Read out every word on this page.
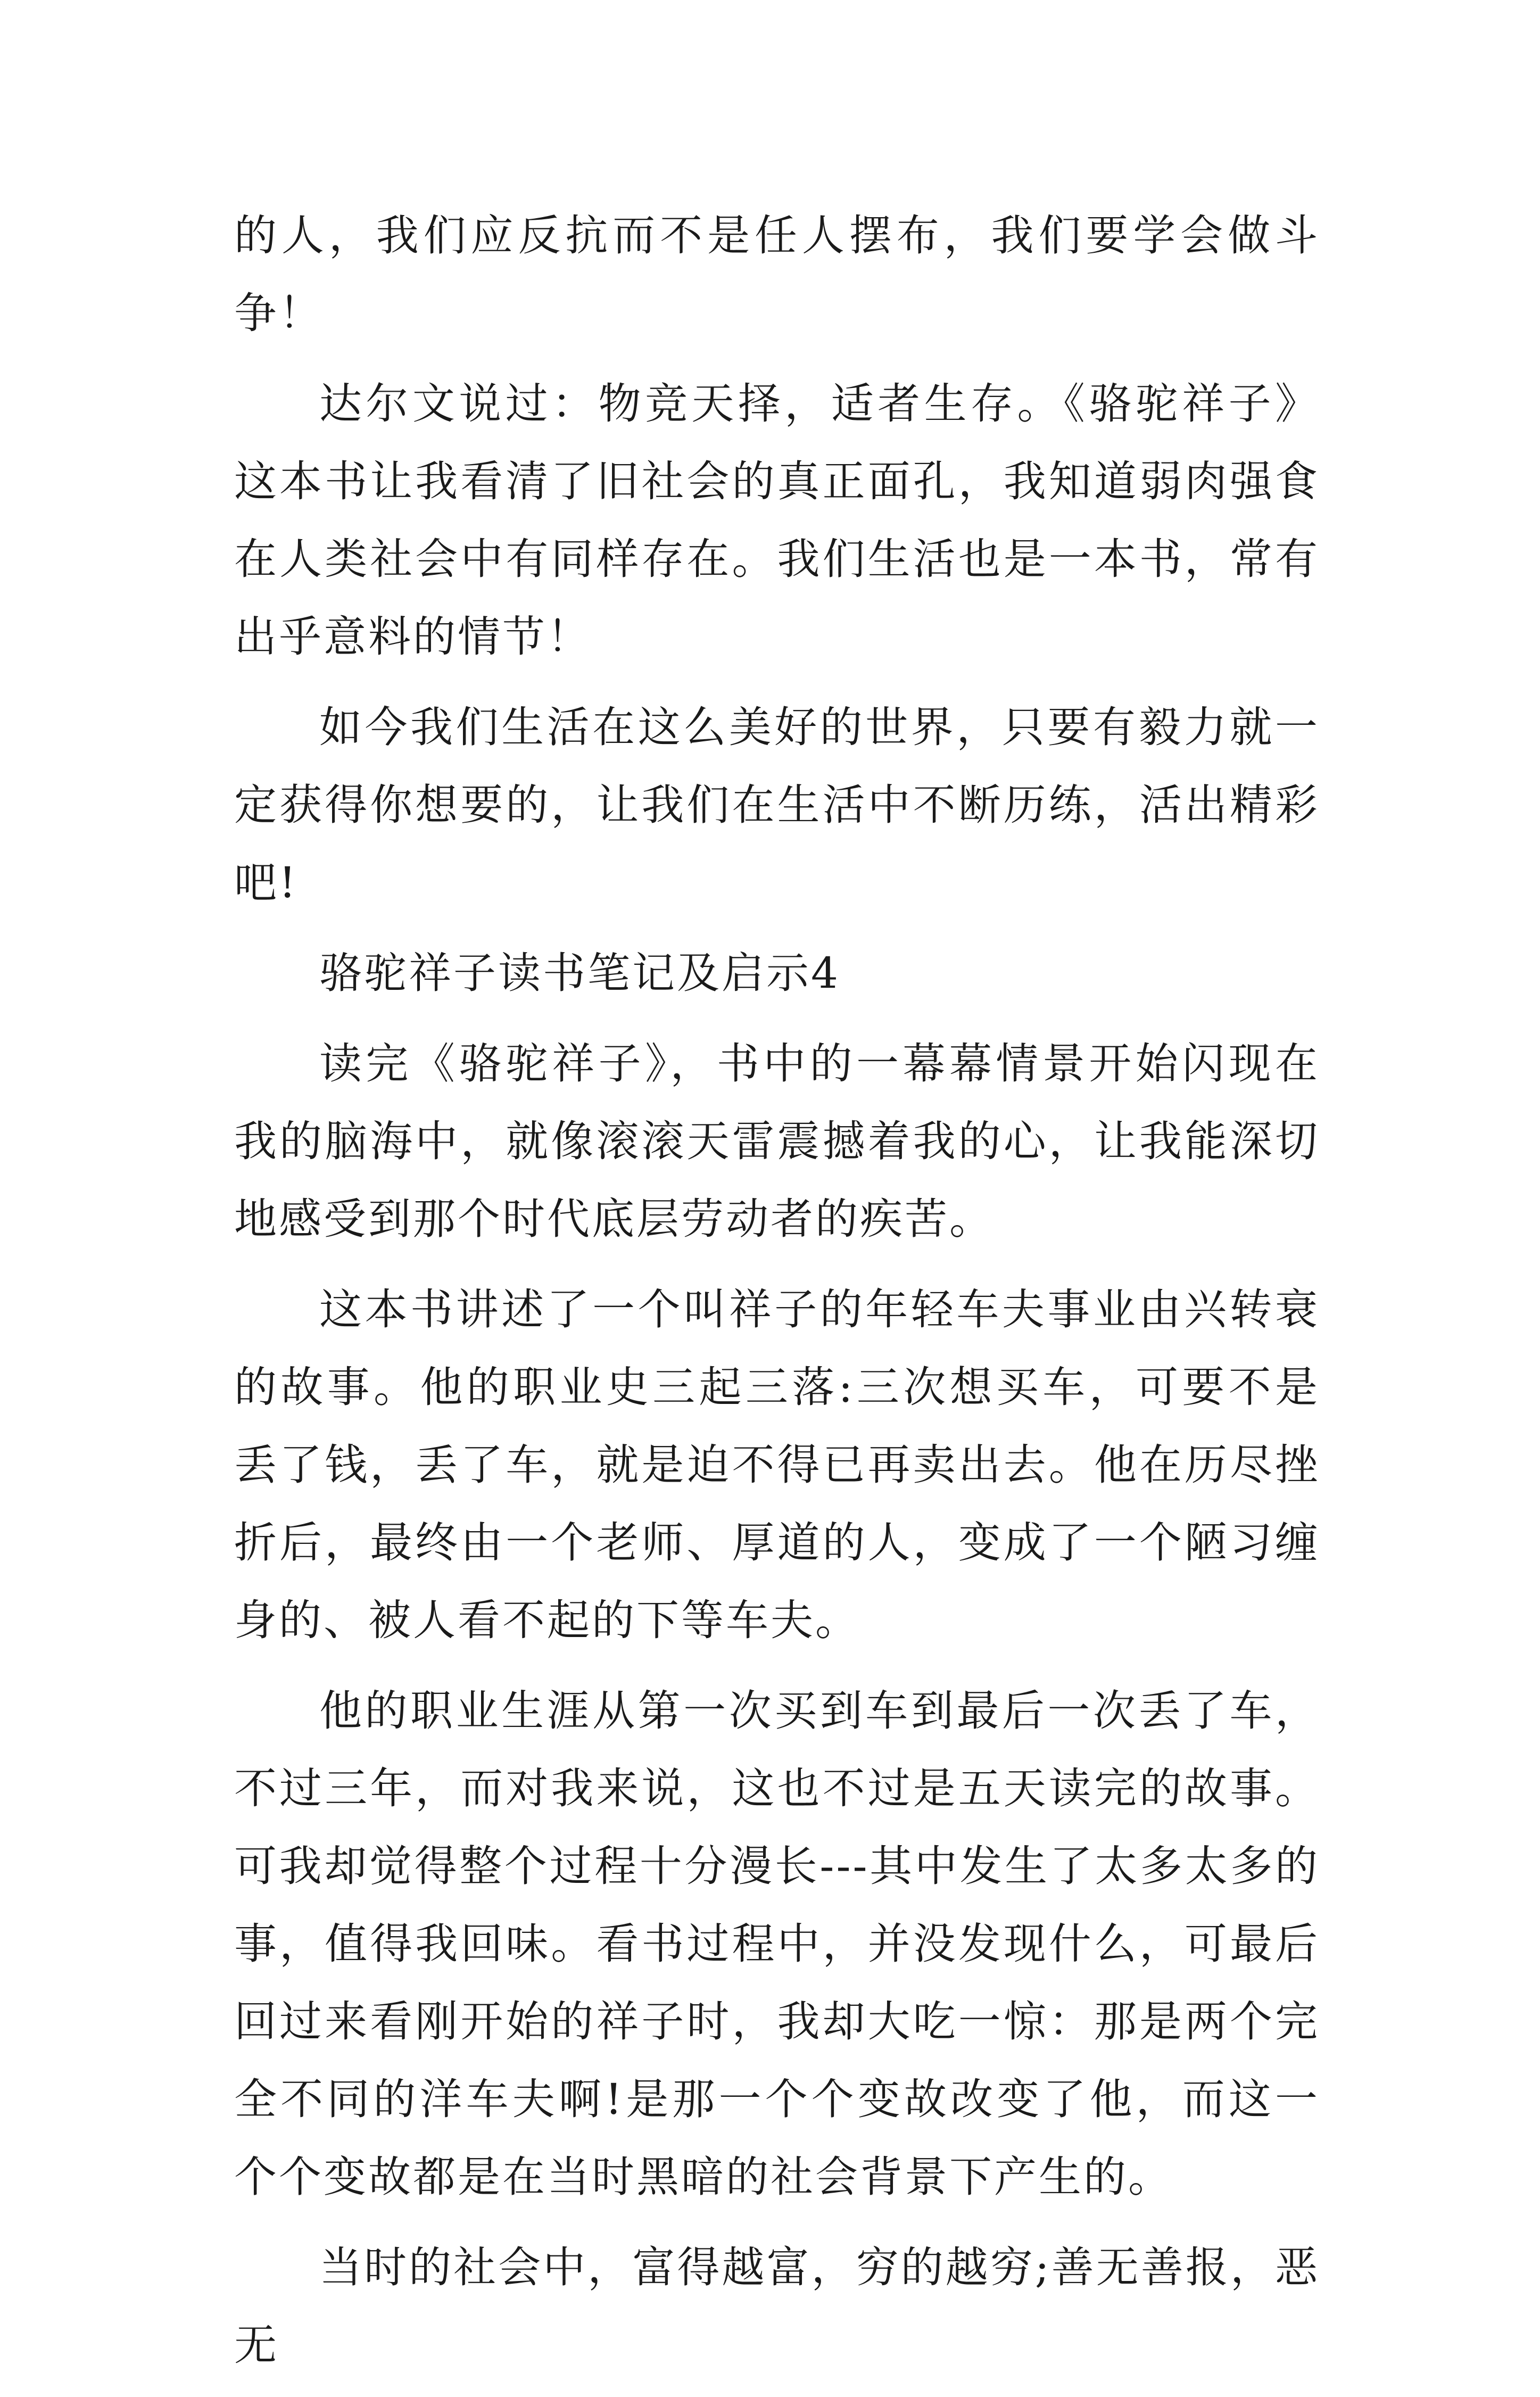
的人，我们应反抗而不是任人摆布，我们要学会做斗争！

达尔文说过：物竞天择，适者生存。《骆驼祥子》这本书让我看清了旧社会的真正面孔，我知道弱肉强食在人类社会中有同样存在。我们生活也是一本书，常有出乎意料的情节！

如今我们生活在这么美好的世界，只要有毅力就一定获得你想要的，让我们在生活中不断历练，活出精彩吧!

骆驼祥子读书笔记及启示4

读完《骆驼祥子》，书中的一幕幕情景开始闪现在我的脑海中，就像滚滚天雷震撼着我的心，让我能深切地感受到那个时代底层劳动者的疾苦。

这本书讲述了一个叫祥子的年轻车夫事业由兴转衰的故事。他的职业史三起三落:三次想买车，可要不是丢了钱，丢了车，就是迫不得已再卖出去。他在历尽挫折后，最终由一个老师、厚道的人，变成了一个陋习缠身的、被人看不起的下等车夫。

他的职业生涯从第一次买到车到最后一次丢了车，不过三年，而对我来说，这也不过是五天读完的故事。可我却觉得整个过程十分漫长---其中发生了太多太多的事，值得我回味。看书过程中，并没发现什么，可最后回过来看刚开始的祥子时，我却大吃一惊：那是两个完全不同的洋车夫啊!是那一个个变故改变了他，而这一个个变故都是在当时黑暗的社会背景下产生的。

当时的社会中，富得越富，穷的越穷;善无善报，恶无
